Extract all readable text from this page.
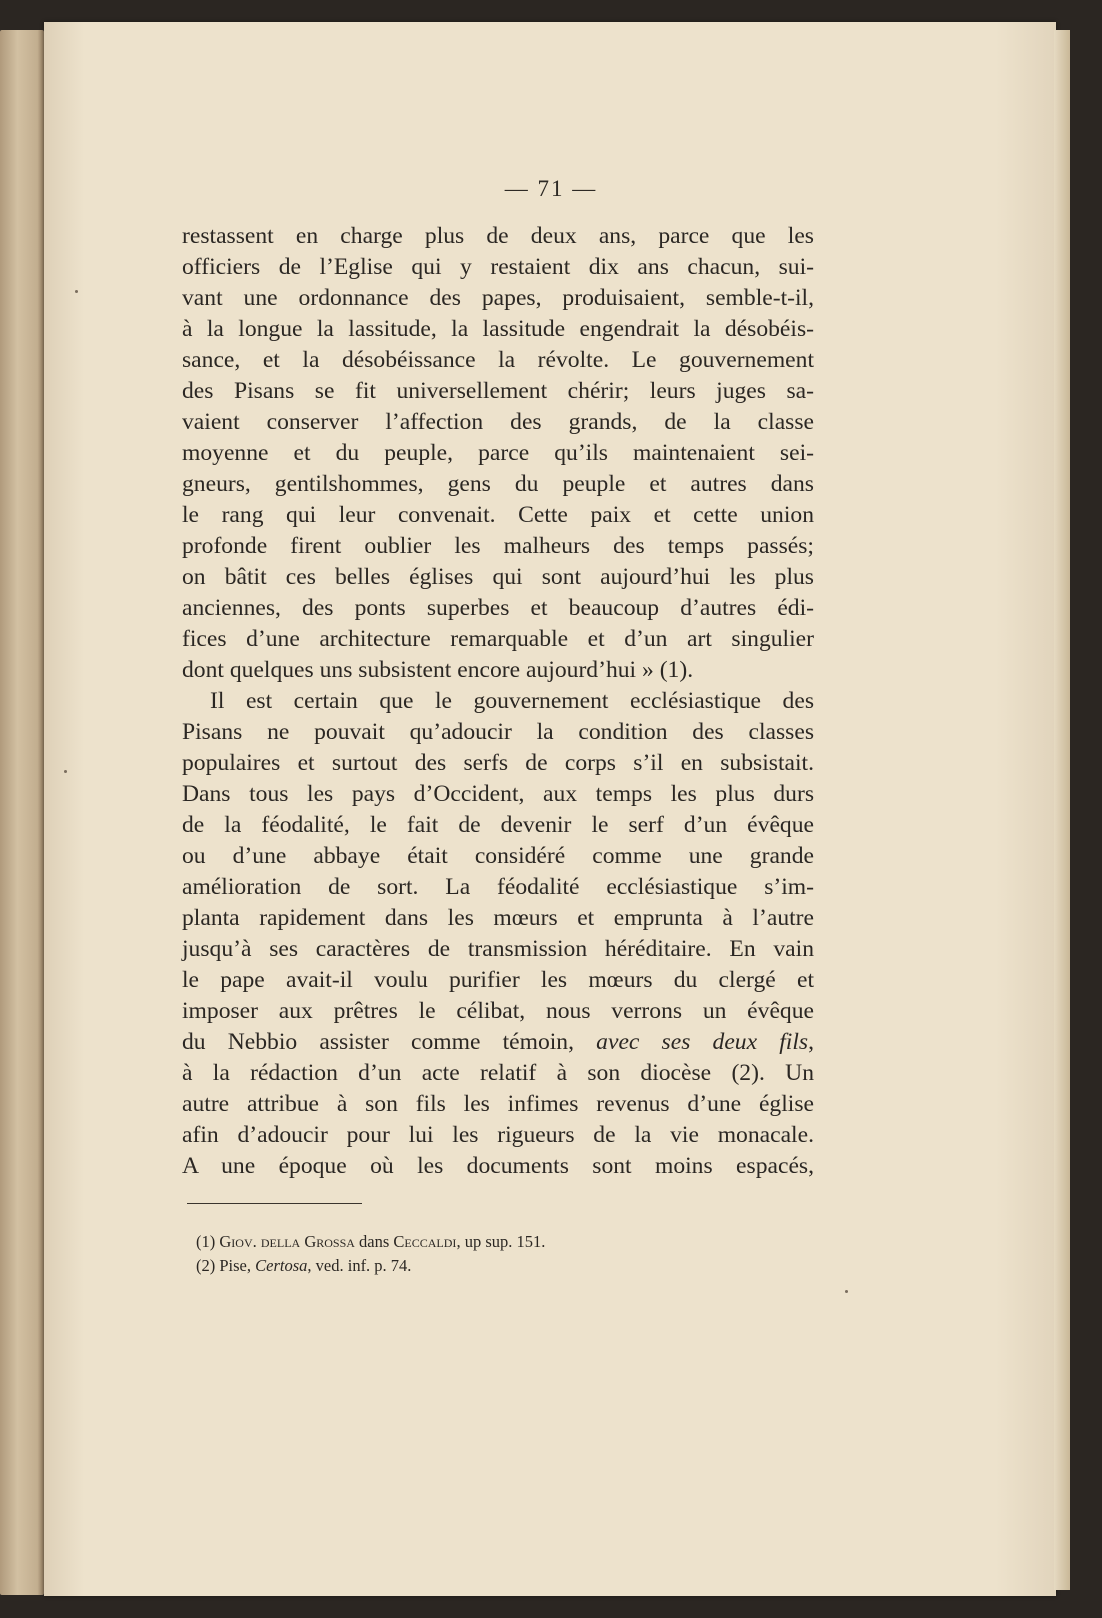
— 71 —
restassent en charge plus de deux ans, parce que les
officiers de l’Eglise qui y restaient dix ans chacun, sui-
vant une ordonnance des papes, produisaient, semble-t-il,
à la longue la lassitude, la lassitude engendrait la désobéis-
sance, et la désobéissance la révolte. Le gouvernement
des Pisans se fit universellement chérir; leurs juges sa-
vaient conserver l’affection des grands, de la classe
moyenne et du peuple, parce qu’ils maintenaient sei-
gneurs, gentilshommes, gens du peuple et autres dans
le rang qui leur convenait. Cette paix et cette union
profonde firent oublier les malheurs des temps passés;
on bâtit ces belles églises qui sont aujourd’hui les plus
anciennes, des ponts superbes et beaucoup d’autres édi-
fices d’une architecture remarquable et d’un art singulier
dont quelques uns subsistent encore aujourd’hui » (1).
Il est certain que le gouvernement ecclésiastique des
Pisans ne pouvait qu’adoucir la condition des classes
populaires et surtout des serfs de corps s’il en subsistait.
Dans tous les pays d’Occident, aux temps les plus durs
de la féodalité, le fait de devenir le serf d’un évêque
ou d’une abbaye était considéré comme une grande
amélioration de sort. La féodalité ecclésiastique s’im-
planta rapidement dans les mœurs et emprunta à l’autre
jusqu’à ses caractères de transmission héréditaire. En vain
le pape avait-il voulu purifier les mœurs du clergé et
imposer aux prêtres le célibat, nous verrons un évêque
du Nebbio assister comme témoin, avec ses deux fils,
à la rédaction d’un acte relatif à son diocèse (2). Un
autre attribue à son fils les infimes revenus d’une église
afin d’adoucir pour lui les rigueurs de la vie monacale.
A une époque où les documents sont moins espacés,
(1) Giov. della Grossa dans Ceccaldi, up sup. 151.
(2) Pise, Certosa, ved. inf. p. 74.
